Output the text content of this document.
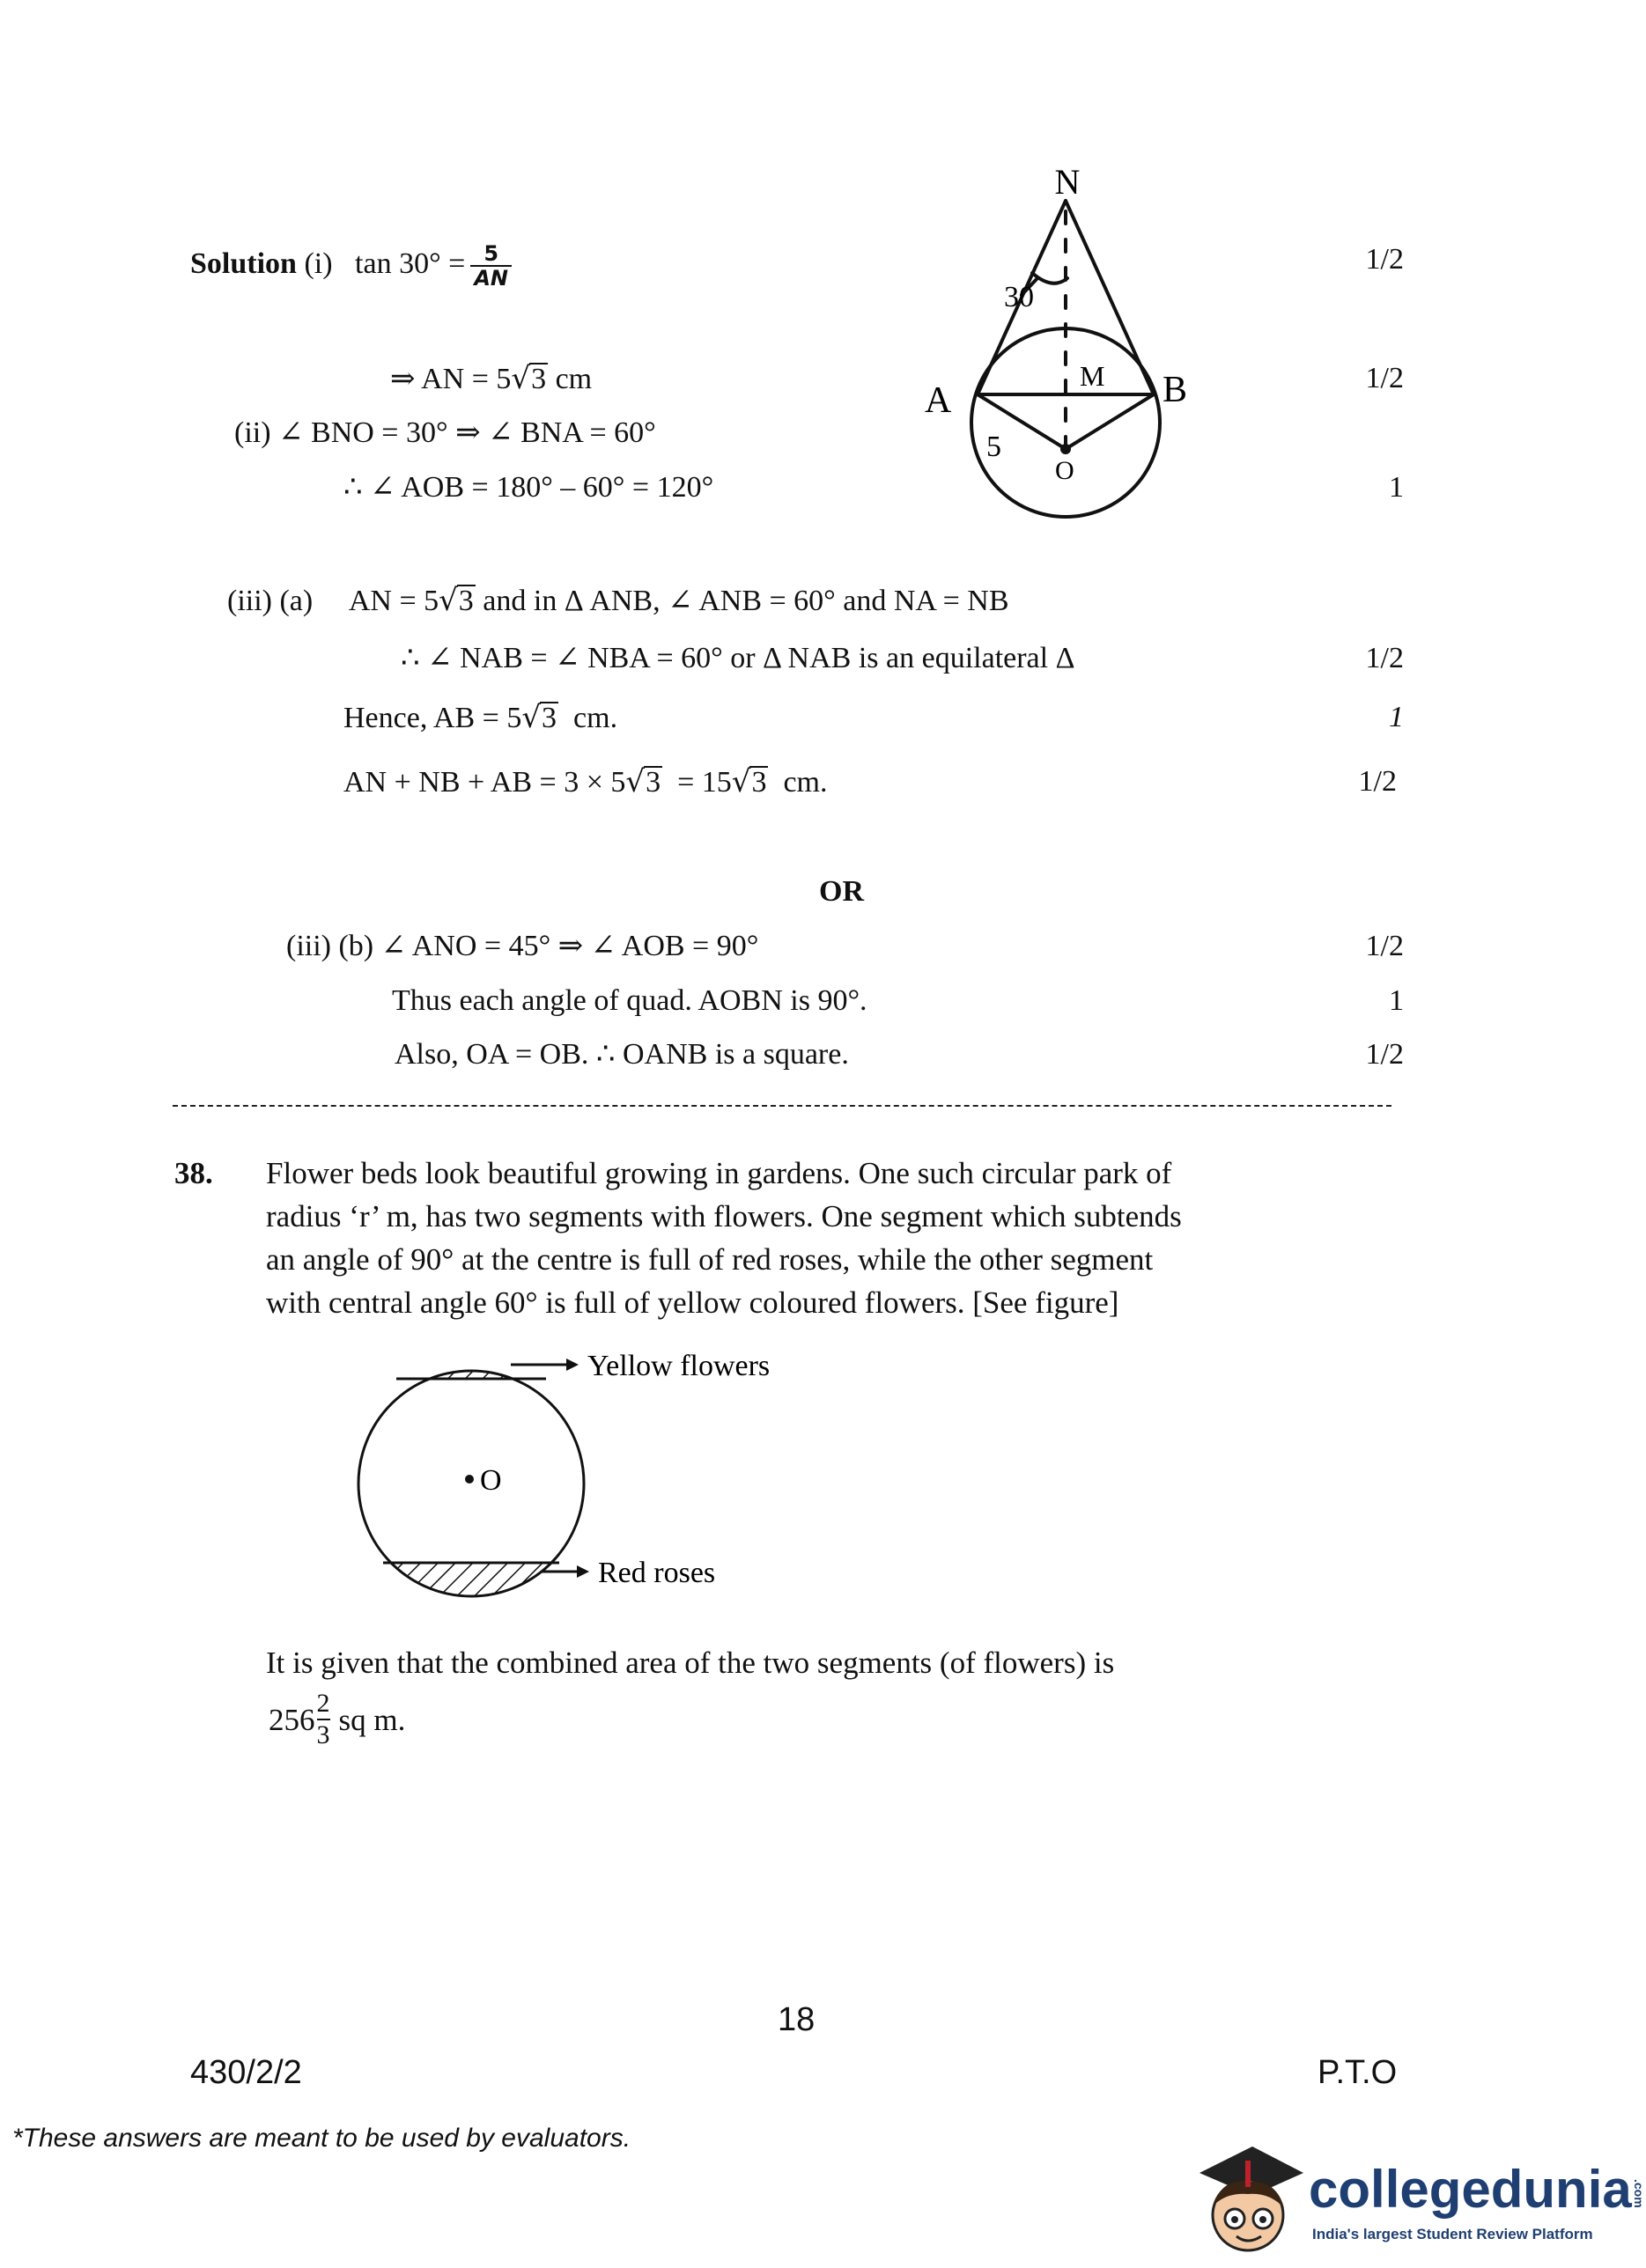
Solution (i) $\tan 30^\circ = \frac{5}{AN}$	1/2
⇒ AN = 5√3 cm	1/2
(ii) ∠ BNO = 30° ⇒ ∠ BNA = 60°
∴ ∠ AOB = 180° – 60° = 120°	1
N
30
M
A	B
5
O
(iii) (a)     AN = 5√3 and in Δ ANB, ∠ ANB = 60° and NA = NB
∴ ∠ NAB = ∠ NBA = 60° or Δ NAB is an equilateral Δ	1/2
Hence, AB = 5√3  cm.	1
AN + NB + AB = 3 × 5√3  = 15√3  cm.	1/2
OR
(iii) (b) ∠ ANO = 45° ⇒ ∠ AOB = 90°	1/2
Thus each angle of quad. AOBN is 90°.	1
Also, OA = OB. ∴ OANB is a square.	1/2
38. Flower beds look beautiful growing in gardens. One such circular park of
radius ‘r’ m, has two segments with flowers. One segment which subtends
an angle of 90° at the centre is full of red roses, while the other segment
with central angle 60° is full of yellow coloured flowers. [See figure]
O
Yellow flowers
Red roses
It is given that the combined area of the two segments (of flowers) is
256 2
3 sq m.
18
430/2/2	P.T.O
*These answers are meant to be used by evaluators.
collegedunia.com
India's largest Student Review Platform
